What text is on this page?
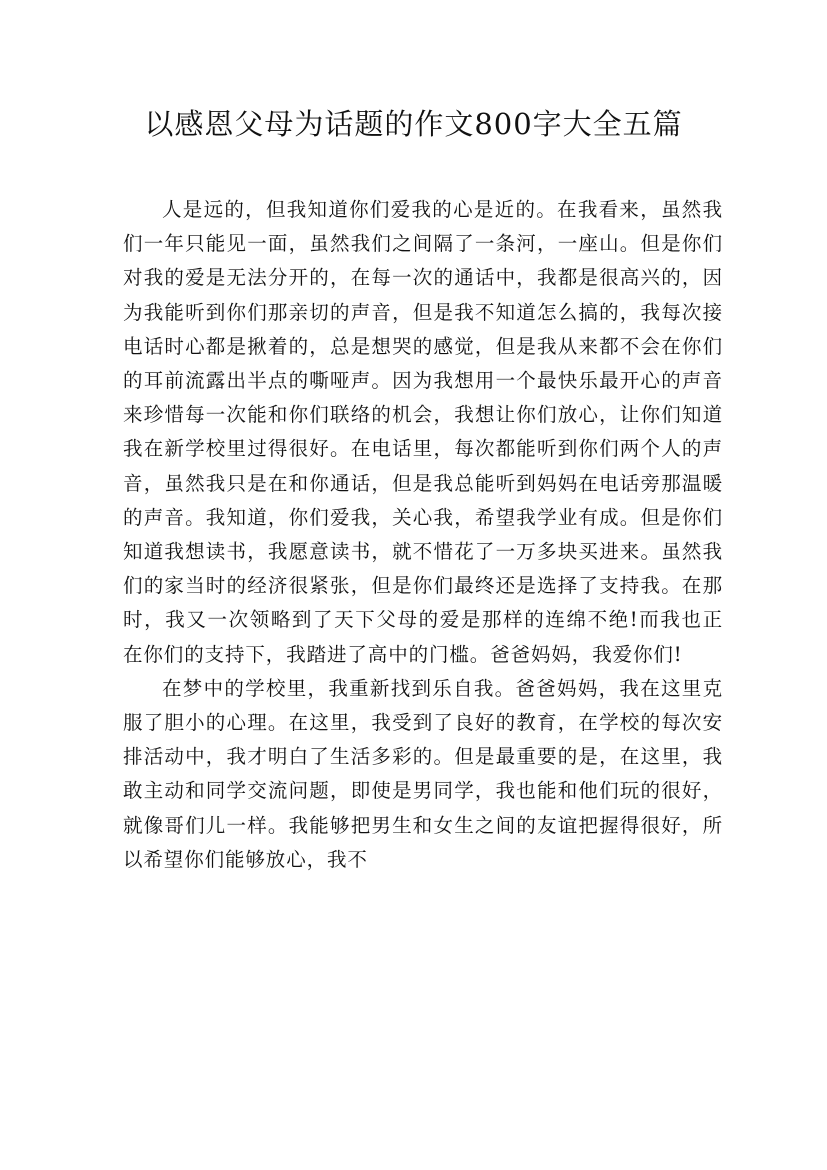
以感恩父母为话题的作文800字大全五篇

人是远的，但我知道你们爱我的心是近的。在我看来，虽然我们一年只能见一面，虽然我们之间隔了一条河，一座山。但是你们对我的爱是无法分开的，在每一次的通话中，我都是很高兴的，因为我能听到你们那亲切的声音，但是我不知道怎么搞的，我每次接电话时心都是揪着的，总是想哭的感觉，但是我从来都不会在你们的耳前流露出半点的嘶哑声。因为我想用一个最快乐最开心的声音来珍惜每一次能和你们联络的机会，我想让你们放心，让你们知道我在新学校里过得很好。在电话里，每次都能听到你们两个人的声音，虽然我只是在和你通话，但是我总能听到妈妈在电话旁那温暖的声音。我知道，你们爱我，关心我，希望我学业有成。但是你们知道我想读书，我愿意读书，就不惜花了一万多块买进来。虽然我们的家当时的经济很紧张，但是你们最终还是选择了支持我。在那时，我又一次领略到了天下父母的爱是那样的连绵不绝!而我也正在你们的支持下，我踏进了高中的门槛。爸爸妈妈，我爱你们!

在梦中的学校里，我重新找到乐自我。爸爸妈妈，我在这里克服了胆小的心理。在这里，我受到了良好的教育，在学校的每次安排活动中，我才明白了生活多彩的。但是最重要的是，在这里，我敢主动和同学交流问题，即使是男同学，我也能和他们玩的很好，就像哥们儿一样。我能够把男生和女生之间的友谊把握得很好，所以希望你们能够放心，我不
